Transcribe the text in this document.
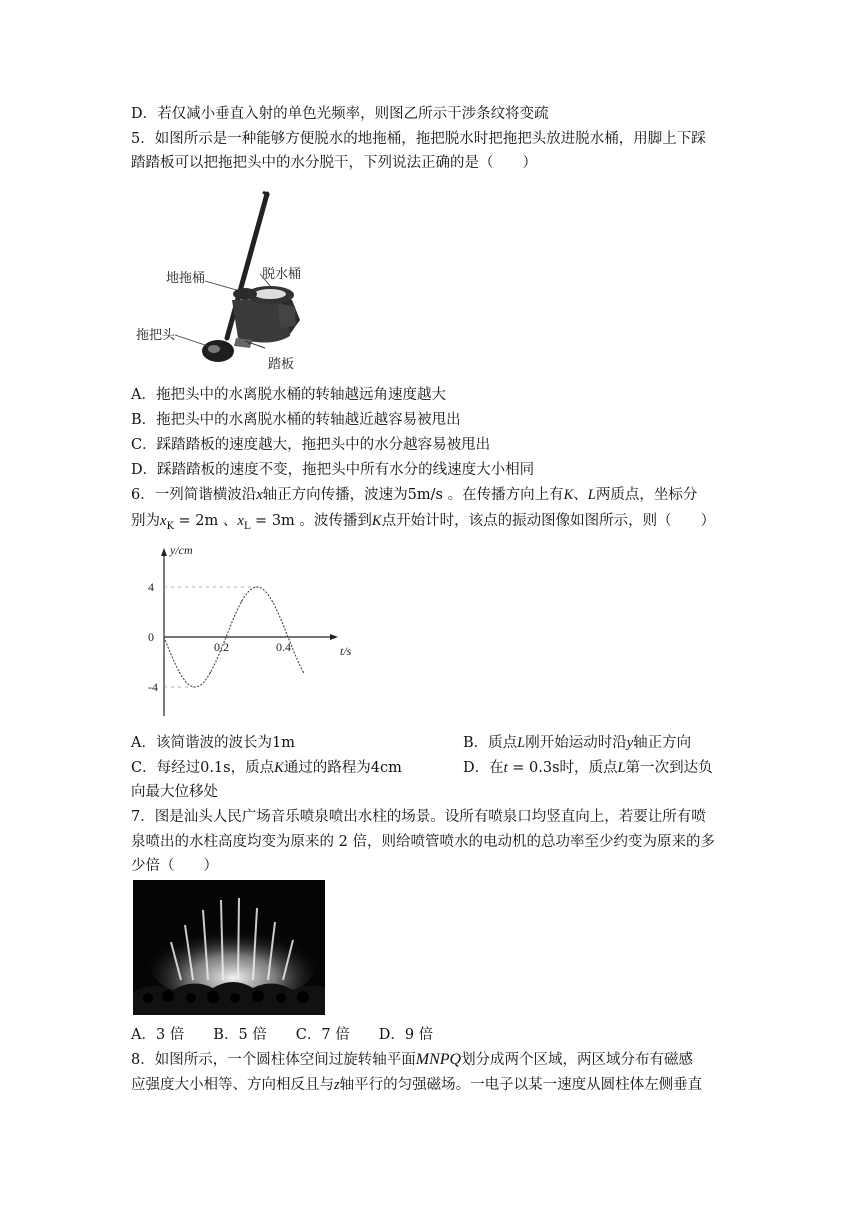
D．若仅减小垂直入射的单色光频率，则图乙所示干涉条纹将变疏
5．如图所示是一种能够方便脱水的地拖桶，拖把脱水时把拖把头放进脱水桶，用脚上下踩
踏踏板可以把拖把头中的水分脱干，下列说法正确的是（　　）
地拖桶	脱水桶
拖把头
踏板
A．拖把头中的水离脱水桶的转轴越远角速度越大
B．拖把头中的水离脱水桶的转轴越近越容易被甩出
C．踩踏踏板的速度越大，拖把头中的水分越容易被甩出
D．踩踏踏板的速度不变，拖把头中所有水分的线速度大小相同
6．一列简谐横波沿x轴正方向传播，波速为5m/s 。在传播方向上有K、L两质点，坐标分
别为$x_K = 2m$ 、$x_L = 3m$ 。波传播到K点开始计时，该点的振动图像如图所示，则（　　）
y/cm
t/s
4
0
-4
0.2	0.4
A．该简谐波的波长为1m	B．质点L刚开始运动时沿y轴正方向
C．每经过0.1s，质点K通过的路程为4cm	D．在t = 0.3s时，质点L第一次到达负
向最大位移处
7．图是汕头人民广场音乐喷泉喷出水柱的场景。设所有喷泉口均竖直向上，若要让所有喷
泉喷出的水柱高度均变为原来的 2 倍，则给喷管喷水的电动机的总功率至少约变为原来的多
少倍（　　）
A．3 倍　　B．5 倍　　C．7 倍　　D．9 倍
8．如图所示，一个圆柱体空间过旋转轴平面MNPQ划分成两个区域，两区域分布有磁感
应强度大小相等、方向相反且与z轴平行的匀强磁场。一电子以某一速度从圆柱体左侧垂直
